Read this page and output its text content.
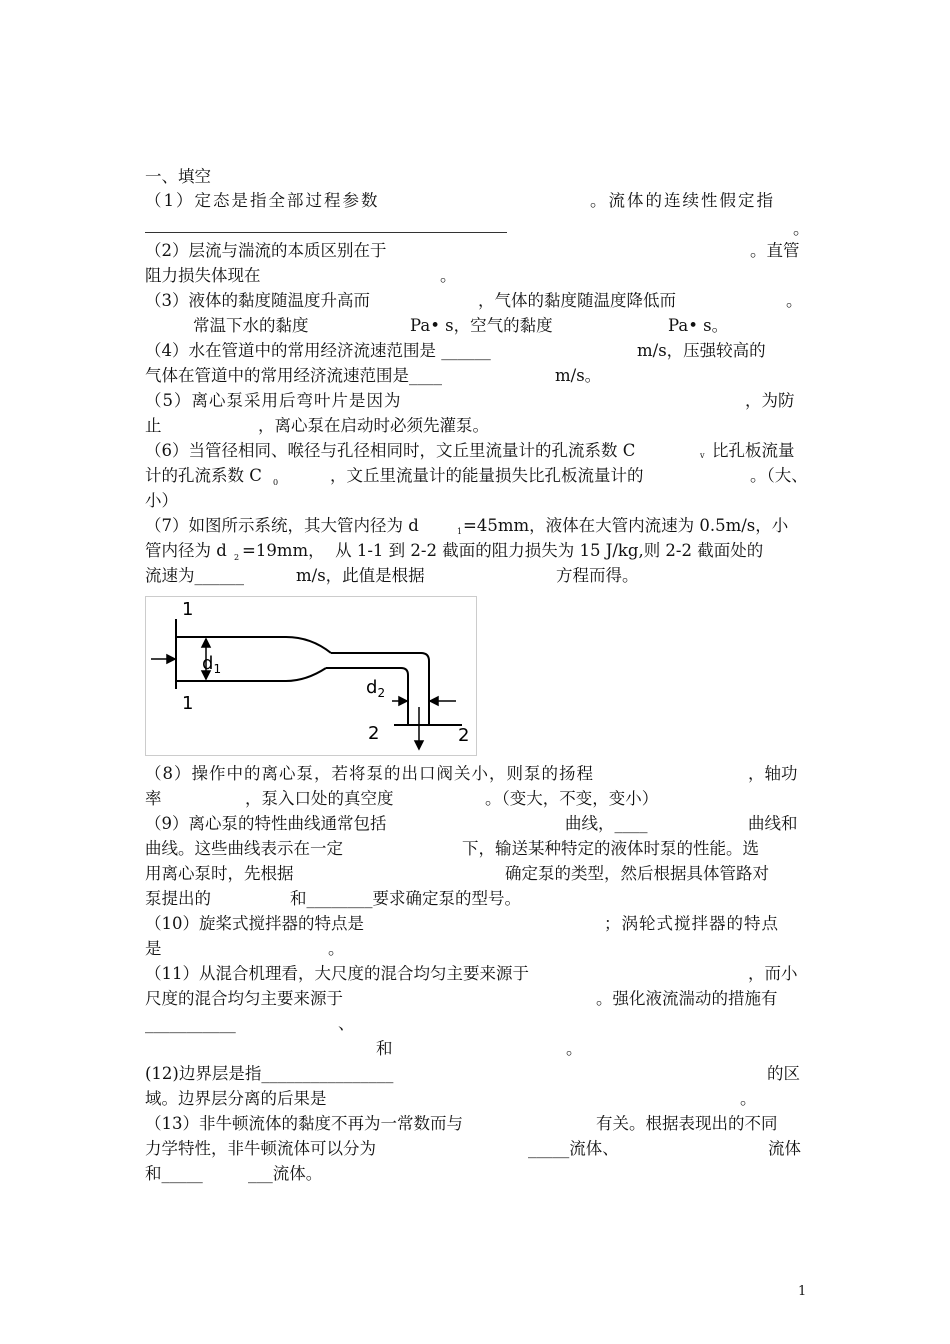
一、填空
（1）定态是指全部过程参数	。流体的连续性假定指
。
（2）层流与湍流的本质区别在于	。直管
阻力损失体现在	。
（3）液体的黏度随温度升高而	，气体的黏度随温度降低而	。
常温下水的黏度	Pa• s，空气的黏度	Pa• s。
（4）水在管道中的常用经济流速范围是 ______	m/s，压强较高的
气体在管道中的常用经济流速范围是____	m/s。
（5）离心泵采用后弯叶片是因为	，为防
止	，离心泵在启动时必须先灌泵。
（6）当管径相同、喉径与孔径相同时，文丘里流量计的孔流系数 C	v 比孔板流量
计的孔流系数 C 0	，文丘里流量计的能量损失比孔板流量计的	。（大、
小）
（7）如图所示系统，其大管内径为 d	1 =45mm，液体在大管内流速为 0.5m/s，小
管内径为 d 2 =19mm，  从 1-1 到 2-2 截面的阻力损失为 15 J/kg,则 2-2 截面处的
流速为______	m/s，此值是根据	方程而得。
1
1
$d_1$
$d_2$
2	2
（8）操作中的离心泵，若将泵的出口阀关小，则泵的扬程	，轴功
率	，泵入口处的真空度	。（变大，不变，变小）
（9）离心泵的特性曲线通常包括	曲线，____	曲线和
曲线。这些曲线表示在一定	下，输送某种特定的液体时泵的性能。选
用离心泵时，先根据	确定泵的类型，然后根据具体管路对
泵提出的	和________要求确定泵的型号。
（10）旋桨式搅拌器的特点是	；涡轮式搅拌器的特点
是	。
（11）从混合机理看，大尺度的混合均匀主要来源于	，而小
尺度的混合均匀主要来源于	。强化液流湍动的措施有
___________	、
和	。
(12)边界层是指________________	的区
域。边界层分离的后果是	。
（13）非牛顿流体的黏度不再为一常数而与	有关。根据表现出的不同
力学特性，非牛顿流体可以分为	_____流体、	流体
和_____	___流体。
1
